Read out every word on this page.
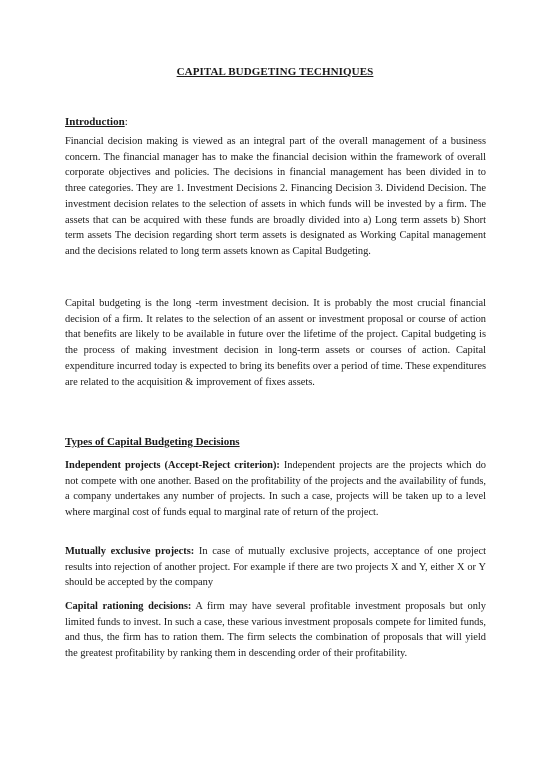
CAPITAL BUDGETING TECHNIQUES
Introduction:

Financial decision making is viewed as an integral part of the overall management of a business concern. The financial manager has to make the financial decision within the framework of overall corporate objectives and policies. The decisions in financial management has been divided in to three categories. They are 1. Investment Decisions 2. Financing Decision 3. Dividend Decision. The investment decision relates to the selection of assets in which funds will be invested by a firm. The assets that can be acquired with these funds are broadly divided into a) Long term assets b) Short term assets The decision regarding short term assets is designated as Working Capital management and the decisions related to long term assets known as Capital Budgeting.

Capital budgeting is the long -term investment decision. It is probably the most crucial financial decision of a firm. It relates to the selection of an assent or investment proposal or course of action that benefits are likely to be available in future over the lifetime of the project. Capital budgeting is the process of making investment decision in long-term assets or courses of action. Capital expenditure incurred today is expected to bring its benefits over a period of time. These expenditures are related to the acquisition & improvement of fixes assets.

Types of Capital Budgeting Decisions

Independent projects (Accept-Reject criterion): Independent projects are the projects which do not compete with one another. Based on the profitability of the projects and the availability of funds, a company undertakes any number of projects. In such a case, projects will be taken up to a level where marginal cost of funds equal to marginal rate of return of the project.

Mutually exclusive projects: In case of mutually exclusive projects, acceptance of one project results into rejection of another project. For example if there are two projects X and Y, either X or Y should be accepted by the company

Capital rationing decisions: A firm may have several profitable investment proposals but only limited funds to invest. In such a case, these various investment proposals compete for limited funds, and thus, the firm has to ration them. The firm selects the combination of proposals that will yield the greatest profitability by ranking them in descending order of their profitability.
